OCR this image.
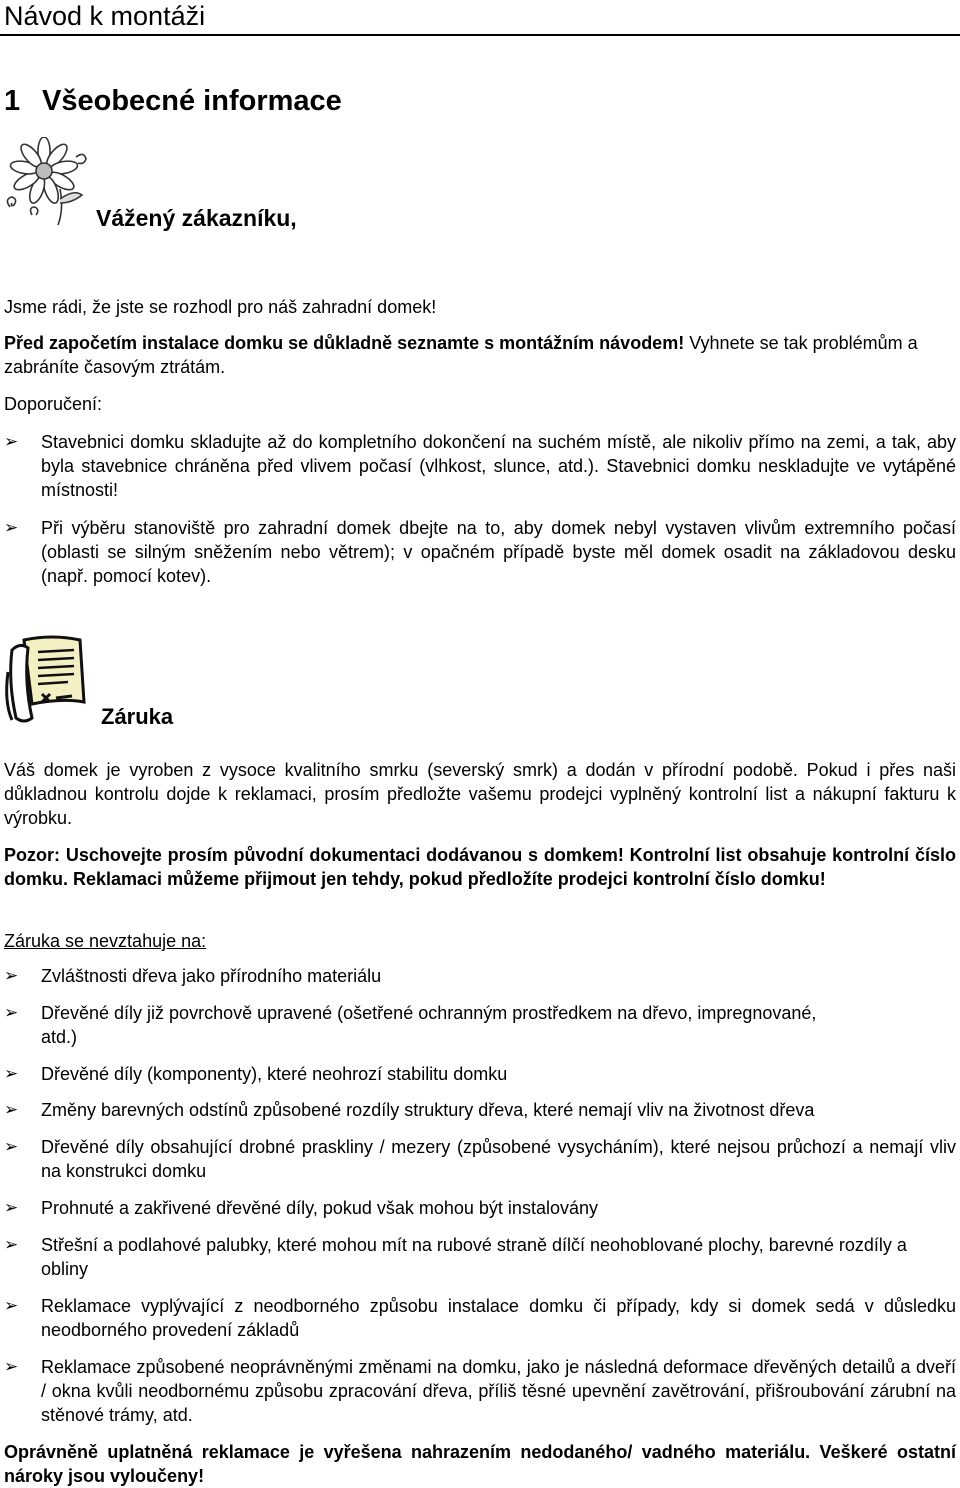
Návod k montáži
1 Všeobecné informace
Vážený zákazníku,
Jsme rádi, že jste se rozhodl pro náš zahradní domek!
Před započetím instalace domku se důkladně seznamte s montážním návodem! Vyhnete se tak problémům a zabráníte časovým ztrátám.
Doporučení:
➢ Stavebnici domku skladujte až do kompletního dokončení na suchém místě, ale nikoliv přímo na zemi, a tak, aby byla stavebnice chráněna před vlivem počasí (vlhkost, slunce, atd.). Stavebnici domku neskladujte ve vytápěné místnosti!
➢ Při výběru stanoviště pro zahradní domek dbejte na to, aby domek nebyl vystaven vlivům extremního počasí (oblasti se silným sněžením nebo větrem); v opačném případě byste měl domek osadit na základovou desku (např. pomocí kotev).
Záruka
Váš domek je vyroben z vysoce kvalitního smrku (severský smrk) a dodán v přírodní podobě. Pokud i přes naši důkladnou kontrolu dojde k reklamaci, prosím předložte vašemu prodejci vyplněný kontrolní list a nákupní fakturu k výrobku.
Pozor: Uschovejte prosím původní dokumentaci dodávanou s domkem! Kontrolní list obsahuje kontrolní číslo domku. Reklamaci můžeme přijmout jen tehdy, pokud předložíte prodejci kontrolní číslo domku!
Záruka se nevztahuje na:
➢ Zvláštnosti dřeva jako přírodního materiálu
➢ Dřevěné díly již povrchově upravené (ošetřené ochranným prostředkem na dřevo, impregnované, atd.)
➢ Dřevěné díly (komponenty), které neohrozí stabilitu domku
➢ Změny barevných odstínů způsobené rozdíly struktury dřeva, které nemají vliv na životnost dřeva
➢ Dřevěné díly obsahující drobné praskliny / mezery (způsobené vysycháním), které nejsou průchozí a nemají vliv na konstrukci domku
➢ Prohnuté a zakřivené dřevěné díly, pokud však mohou být instalovány
➢ Střešní a podlahové palubky, které mohou mít na rubové straně dílčí neohoblované plochy, barevné rozdíly a obliny
➢ Reklamace vyplývající z neodborného způsobu instalace domku či případy, kdy si domek sedá v důsledku neodborného provedení základů
➢ Reklamace způsobené neoprávněnými změnami na domku, jako je následná deformace dřevěných detailů a dveří / okna kvůli neodbornému způsobu zpracování dřeva, příliš těsné upevnění zavětrování, přišroubování zárubní na stěnové trámy, atd.
Oprávněně uplatněná reklamace je vyřešena nahrazením nedodaného/ vadného materiálu. Veškeré ostatní nároky jsou vyloučeny!
